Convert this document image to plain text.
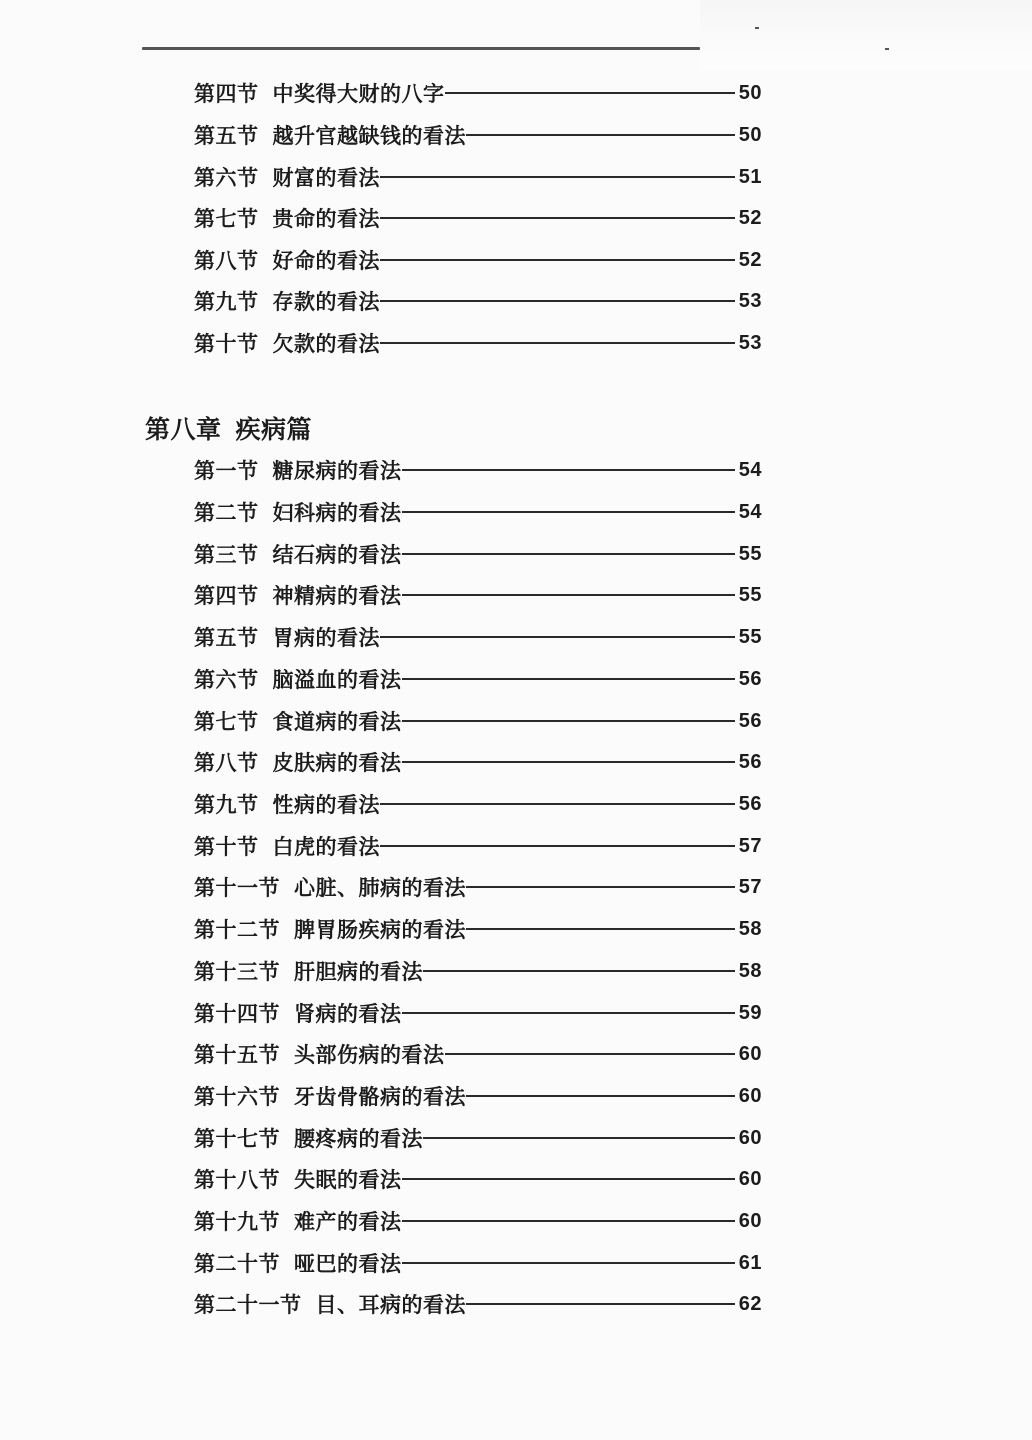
第四节 中奖得大财的八字	50
第五节 越升官越缺钱的看法	50
第六节 财富的看法	51
第七节 贵命的看法	52
第八节 好命的看法	52
第九节 存款的看法	53
第十节 欠款的看法	53
第八章 疾病篇
第一节 糖尿病的看法	54
第二节 妇科病的看法	54
第三节 结石病的看法	55
第四节 神精病的看法	55
第五节 胃病的看法	55
第六节 脑溢血的看法	56
第七节 食道病的看法	56
第八节 皮肤病的看法	56
第九节 性病的看法	56
第十节 白虎的看法	57
第十一节 心脏、肺病的看法	57
第十二节 脾胃肠疾病的看法	58
第十三节 肝胆病的看法	58
第十四节 肾病的看法	59
第十五节 头部伤病的看法	60
第十六节 牙齿骨骼病的看法	60
第十七节 腰疼病的看法	60
第十八节 失眠的看法	60
第十九节 难产的看法	60
第二十节 哑巴的看法	61
第二十一节 目、耳病的看法	62
